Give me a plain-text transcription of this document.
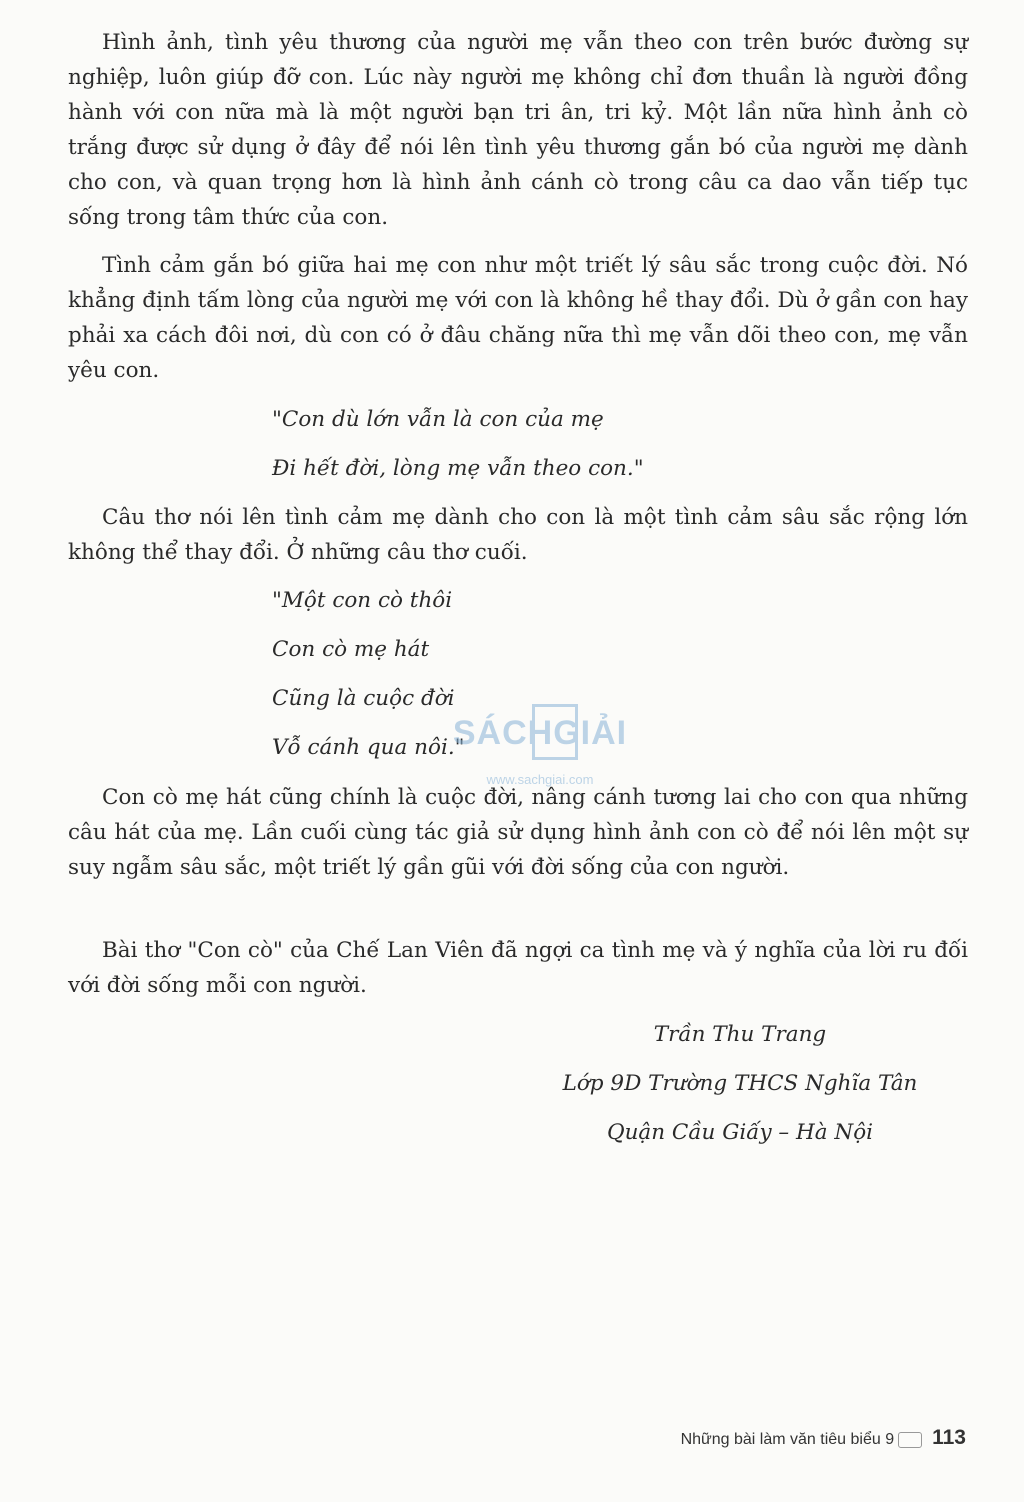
Hình ảnh, tình yêu thương của người mẹ vẫn theo con trên bước đường sự nghiệp, luôn giúp đỡ con. Lúc này người mẹ không chỉ đơn thuần là người đồng hành với con nữa mà là một người bạn tri ân, tri kỷ. Một lần nữa hình ảnh cò trắng được sử dụng ở đây để nói lên tình yêu thương gắn bó của người mẹ dành cho con, và quan trọng hơn là hình ảnh cánh cò trong câu ca dao vẫn tiếp tục sống trong tâm thức của con.

Tình cảm gắn bó giữa hai mẹ con như một triết lý sâu sắc trong cuộc đời. Nó khẳng định tấm lòng của người mẹ với con là không hề thay đổi. Dù ở gần con hay phải xa cách đôi nơi, dù con có ở đâu chăng nữa thì mẹ vẫn dõi theo con, mẹ vẫn yêu con.

"Con dù lớn vẫn là con của mẹ
Đi hết đời, lòng mẹ vẫn theo con."

Câu thơ nói lên tình cảm mẹ dành cho con là một tình cảm sâu sắc rộng lớn không thể thay đổi. Ở những câu thơ cuối.

"Một con cò thôi
Con cò mẹ hát
Cũng là cuộc đời
Vỗ cánh qua nôi."
SÁCHGIẢI
www.sachgiai.com

Con cò mẹ hát cũng chính là cuộc đời, nâng cánh tương lai cho con qua những câu hát của mẹ. Lần cuối cùng tác giả sử dụng hình ảnh con cò để nói lên một sự suy ngẫm sâu sắc, một triết lý gần gũi với đời sống của con người.

Bài thơ "Con cò" của Chế Lan Viên đã ngợi ca tình mẹ và ý nghĩa của lời ru đối với đời sống mỗi con người.

Trần Thu Trang
Lớp 9D Trường THCS Nghĩa Tân
Quận Cầu Giấy – Hà Nội
Những bài làm văn tiêu biểu 9 113
